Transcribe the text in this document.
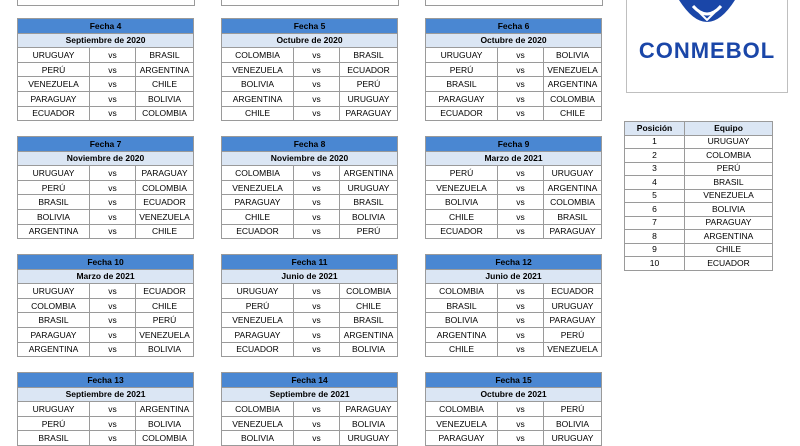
Fecha 4		
Septiembre de 2020		
URUGUAY	vs	BRASIL
PERÚ	vs	ARGENTINA
VENEZUELA	vs	CHILE
PARAGUAY	vs	BOLIVIA
ECUADOR	vs	COLOMBIA
Fecha 5		
Octubre de 2020		
COLOMBIA	vs	BRASIL
VENEZUELA	vs	ECUADOR
BOLIVIA	vs	PERÚ
ARGENTINA	vs	URUGUAY
CHILE	vs	PARAGUAY
Fecha 6		
Octubre de 2020		
URUGUAY	vs	BOLIVIA
PERÚ	vs	VENEZUELA
BRASIL	vs	ARGENTINA
PARAGUAY	vs	COLOMBIA
ECUADOR	vs	CHILE
Fecha 7		
Noviembre de 2020		
URUGUAY	vs	PARAGUAY
PERÚ	vs	COLOMBIA
BRASIL	vs	ECUADOR
BOLIVIA	vs	VENEZUELA
ARGENTINA	vs	CHILE
Fecha 8		
Noviembre de 2020		
COLOMBIA	vs	ARGENTINA
VENEZUELA	vs	URUGUAY
PARAGUAY	vs	BRASIL
CHILE	vs	BOLIVIA
ECUADOR	vs	PERÚ
Fecha 9		
Marzo de 2021		
PERÚ	vs	URUGUAY
VENEZUELA	vs	ARGENTINA
BOLIVIA	vs	COLOMBIA
CHILE	vs	BRASIL
ECUADOR	vs	PARAGUAY
Fecha 10		
Marzo de 2021		
URUGUAY	vs	ECUADOR
COLOMBIA	vs	CHILE
BRASIL	vs	PERÚ
PARAGUAY	vs	VENEZUELA
ARGENTINA	vs	BOLIVIA
Fecha 11		
Junio de 2021		
URUGUAY	vs	COLOMBIA
PERÚ	vs	CHILE
VENEZUELA	vs	BRASIL
PARAGUAY	vs	ARGENTINA
ECUADOR	vs	BOLIVIA
Fecha 12		
Junio de 2021		
COLOMBIA	vs	ECUADOR
BRASIL	vs	URUGUAY
BOLIVIA	vs	PARAGUAY
ARGENTINA	vs	PERÚ
CHILE	vs	VENEZUELA
Fecha 13		
Septiembre de 2021		
URUGUAY	vs	ARGENTINA
PERÚ	vs	BOLIVIA
BRASIL	vs	COLOMBIA
Fecha 14		
Septiembre de 2021		
COLOMBIA	vs	PARAGUAY
VENEZUELA	vs	BOLIVIA
BOLIVIA	vs	URUGUAY
Fecha 15		
Octubre de 2021		
COLOMBIA	vs	PERÚ
VENEZUELA	vs	BOLIVIA
PARAGUAY	vs	URUGUAY
CONMEBOL
Posición	Equipo
1	URUGUAY
2	COLOMBIA
3	PERÚ
4	BRASIL
5	VENEZUELA
6	BOLIVIA
7	PARAGUAY
8	ARGENTINA
9	CHILE
10	ECUADOR
